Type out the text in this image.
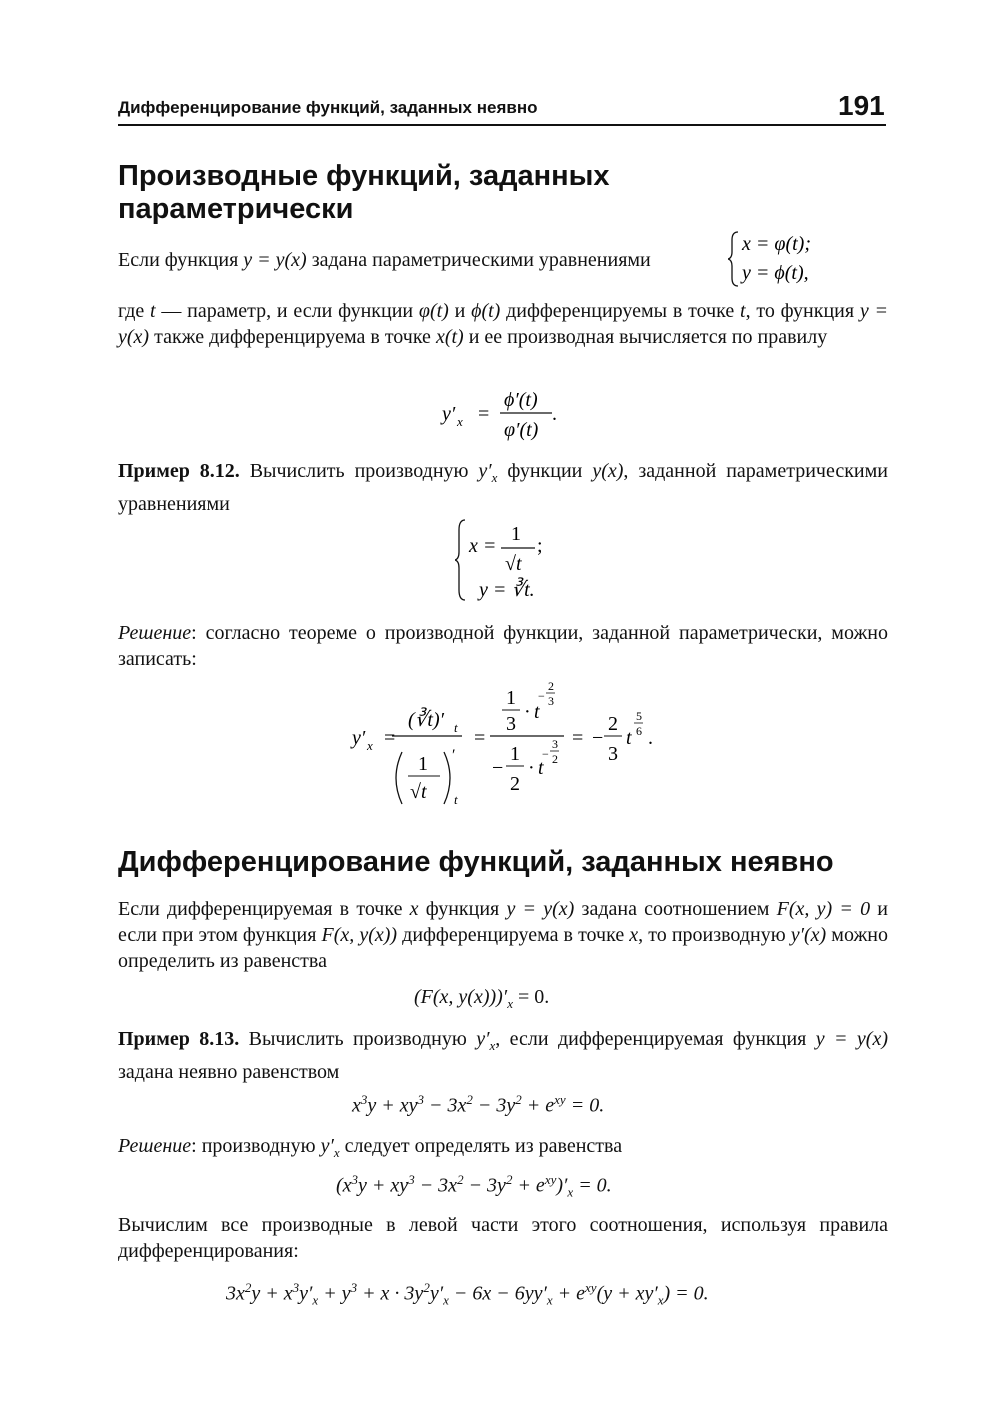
Дифференцирование функций, заданных неявно	191
Производные функций, заданных параметрически
Если функция y = y(x) задана параметрическими уравнениями
x = φ(t);
y = ϕ(t),
где t — параметр, и если функции φ(t) и ϕ(t) дифференцируемы в точке t, то функция y = y(x) также дифференцируема в точке x(t) и ее производная вычисляется по правилу
y′ x =
ϕ′(t)
φ′(t)
.
Пример 8.12. Вычислить производную $y'_x$ функции y(x), заданной параметрическими уравнениями
x =
1
√t
;
y = ∛t.
Решение: согласно теореме о производной функции, заданной параметрически, можно записать:
y′ x =
(∛t)′ t
1
√t
′
t
=
1
3
· t
−
2
3
−
1
2
· t
−
3
2
= −
2
3
t
5
6 .
Дифференцирование функций, заданных неявно
Если дифференцируемая в точке x функция y = y(x) задана соотношением F(x, y) = 0 и если при этом функция F(x, y(x)) дифференцируема в точке x, то производную y′(x) можно определить из равенства
(F(x, $y(x)))'_x = 0$.
Пример 8.13. Вычислить производную $y'_x$, если дифференцируемая функция y = y(x) задана неявно равенством
$x^3y + xy^3 - 3x^2 - 3y^2 + e^{xy} = 0$.
Решение: производную $y'_x$ следует определять из равенства
$(x^3y + xy^3 - 3x^2 - 3y^2 + e^{xy})'_x = 0$.
Вычислим все производные в левой части этого соотношения, используя правила дифференцирования:
$3x^2y + x^3y'_x + y^3 + x \cdot 3y^2y'_x - 6x - 6yy'_x + e^{xy}(y + xy'_x) = 0$.
